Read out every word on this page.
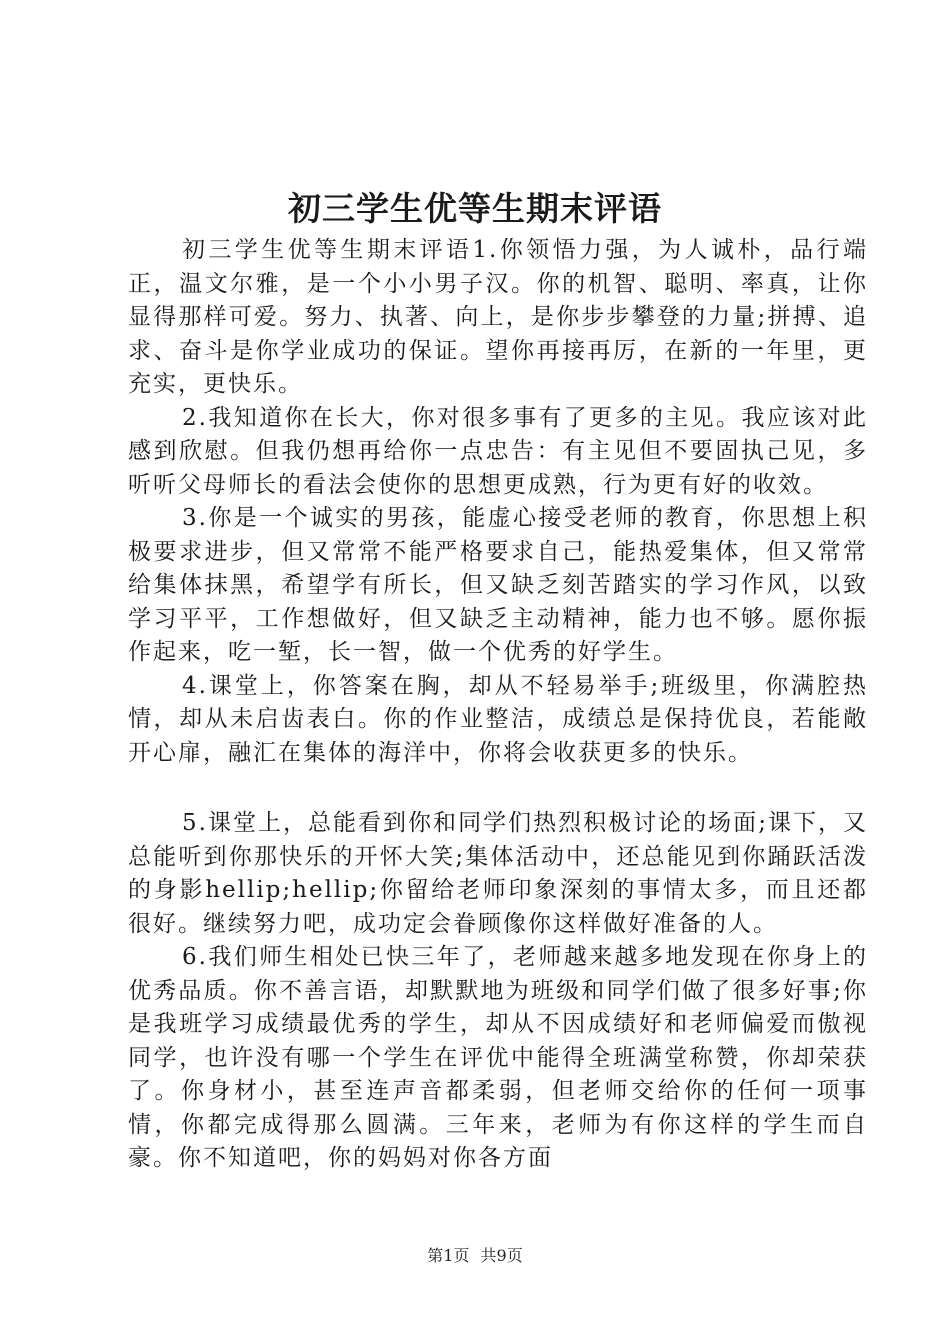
初三学生优等生期末评语

初三学生优等生期末评语1.你领悟力强，为人诚朴，品行端正，温文尔雅，是一个小小男子汉。你的机智、聪明、率真，让你显得那样可爱。努力、执著、向上，是你步步攀登的力量;拼搏、追求、奋斗是你学业成功的保证。望你再接再厉，在新的一年里，更充实，更快乐。

2.我知道你在长大，你对很多事有了更多的主见。我应该对此感到欣慰。但我仍想再给你一点忠告：有主见但不要固执己见，多听听父母师长的看法会使你的思想更成熟，行为更有好的收效。

3.你是一个诚实的男孩，能虚心接受老师的教育，你思想上积极要求进步，但又常常不能严格要求自己，能热爱集体，但又常常给集体抹黑，希望学有所长，但又缺乏刻苦踏实的学习作风，以致学习平平，工作想做好，但又缺乏主动精神，能力也不够。愿你振作起来，吃一堑，长一智，做一个优秀的好学生。

4.课堂上，你答案在胸，却从不轻易举手;班级里，你满腔热情，却从未启齿表白。你的作业整洁，成绩总是保持优良，若能敞开心扉，融汇在集体的海洋中，你将会收获更多的快乐。

5.课堂上，总能看到你和同学们热烈积极讨论的场面;课下，又总能听到你那快乐的开怀大笑;集体活动中，还总能见到你踊跃活泼的身影hellip;hellip;你留给老师印象深刻的事情太多，而且还都很好。继续努力吧，成功定会眷顾像你这样做好准备的人。

6.我们师生相处已快三年了，老师越来越多地发现在你身上的优秀品质。你不善言语，却默默地为班级和同学们做了很多好事;你是我班学习成绩最优秀的学生，却从不因成绩好和老师偏爱而傲视同学，也许没有哪一个学生在评优中能得全班满堂称赞，你却荣获了。你身材小，甚至连声音都柔弱，但老师交给你的任何一项事情，你都完成得那么圆满。三年来，老师为有你这样的学生而自豪。你不知道吧，你的妈妈对你各方面

第1页 共9页
